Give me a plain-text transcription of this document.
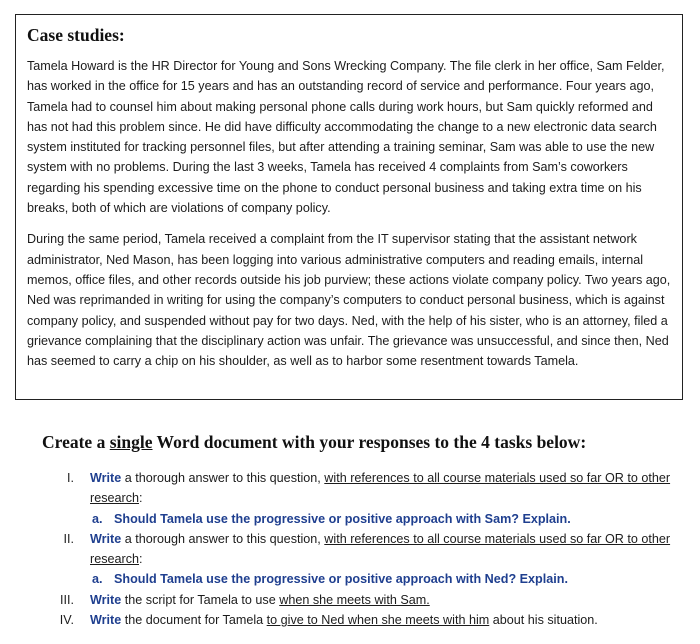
Case studies:

Tamela Howard is the HR Director for Young and Sons Wrecking Company. The file clerk in her office, Sam Felder, has worked in the office for 15 years and has an outstanding record of service and performance. Four years ago, Tamela had to counsel him about making personal phone calls during work hours, but Sam quickly reformed and has not had this problem since. He did have difficulty accommodating the change to a new electronic data search system instituted for tracking personnel files, but after attending a training seminar, Sam was able to use the new system with no problems. During the last 3 weeks, Tamela has received 4 complaints from Sam’s coworkers regarding his spending excessive time on the phone to conduct personal business and taking extra time on his breaks, both of which are violations of company policy.

During the same period, Tamela received a complaint from the IT supervisor stating that the assistant network administrator, Ned Mason, has been logging into various administrative computers and reading emails, internal memos, office files, and other records outside his job purview; these actions violate company policy. Two years ago, Ned was reprimanded in writing for using the company’s computers to conduct personal business, which is against company policy, and suspended without pay for two days. Ned, with the help of his sister, who is an attorney, filed a grievance complaining that the disciplinary action was unfair. The grievance was unsuccessful, and since then, Ned has seemed to carry a chip on his shoulder, as well as to harbor some resentment towards Tamela.

Create a single Word document with your responses to the 4 tasks below:
I. Write a thorough answer to this question, with references to all course materials used so far OR to other research:
a. Should Tamela use the progressive or positive approach with Sam? Explain.
II. Write a thorough answer to this question, with references to all course materials used so far OR to other research:
a. Should Tamela use the progressive or positive approach with Ned? Explain.
III. Write the script for Tamela to use when she meets with Sam.
IV. Write the document for Tamela to give to Ned when she meets with him about his situation.
